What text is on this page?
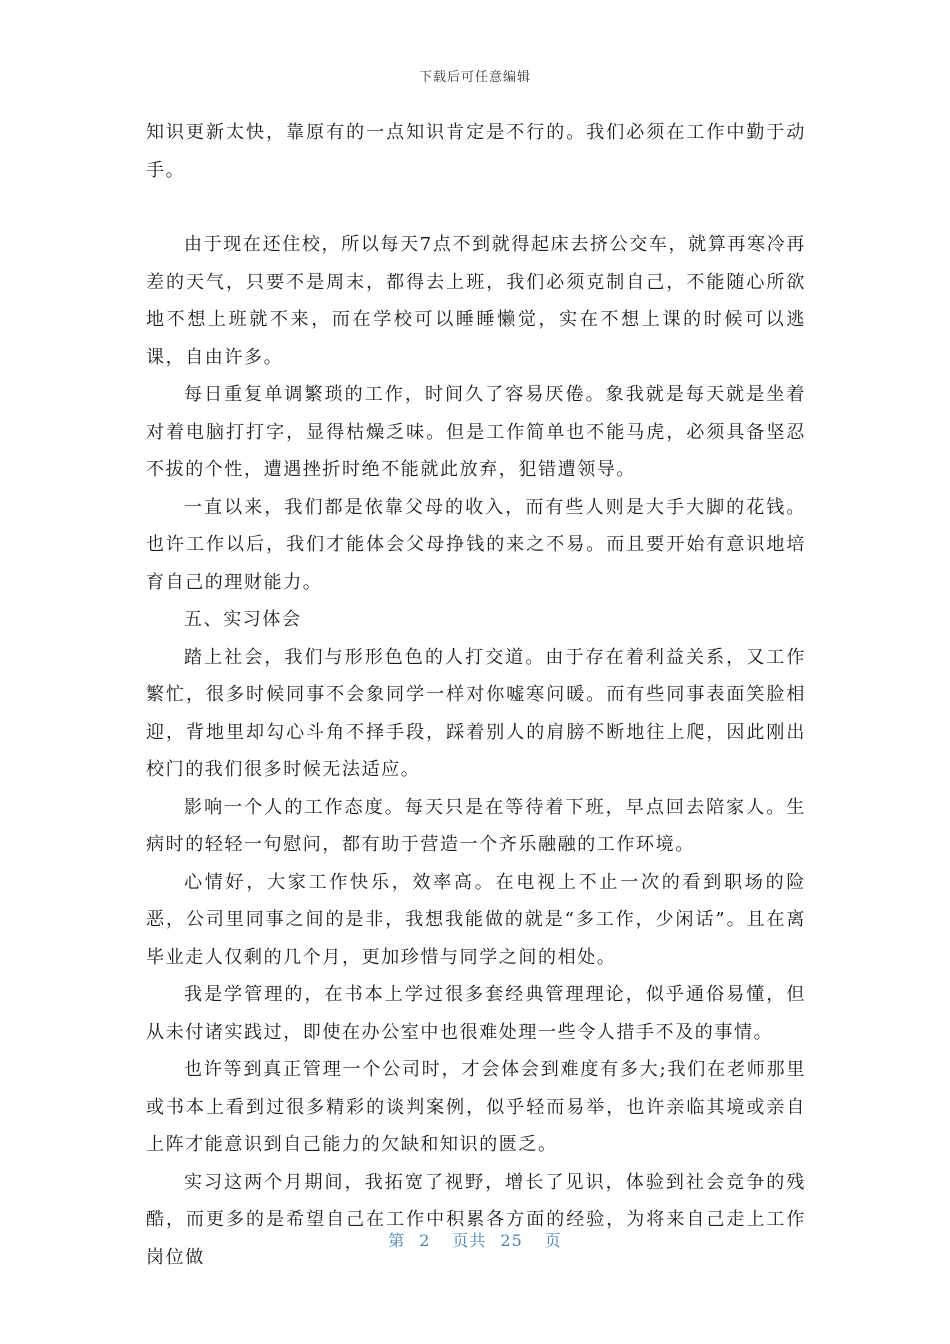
下载后可任意编辑

知识更新太快，靠原有的一点知识肯定是不行的。我们必须在工作中勤于动手。

由于现在还住校，所以每天7点不到就得起床去挤公交车，就算再寒冷再差的天气，只要不是周末，都得去上班，我们必须克制自己，不能随心所欲地不想上班就不来，而在学校可以睡睡懒觉，实在不想上课的时候可以逃课，自由许多。

每日重复单调繁琐的工作，时间久了容易厌倦。象我就是每天就是坐着对着电脑打打字，显得枯燥乏味。但是工作简单也不能马虎，必须具备坚忍不拔的个性，遭遇挫折时绝不能就此放弃，犯错遭领导。

一直以来，我们都是依靠父母的收入，而有些人则是大手大脚的花钱。也许工作以后，我们才能体会父母挣钱的来之不易。而且要开始有意识地培育自己的理财能力。

五、实习体会

踏上社会，我们与形形色色的人打交道。由于存在着利益关系，又工作繁忙，很多时候同事不会象同学一样对你嘘寒问暖。而有些同事表面笑脸相迎，背地里却勾心斗角不择手段，踩着别人的肩膀不断地往上爬，因此刚出校门的我们很多时候无法适应。

影响一个人的工作态度。每天只是在等待着下班，早点回去陪家人。生病时的轻轻一句慰问，都有助于营造一个齐乐融融的工作环境。

心情好，大家工作快乐，效率高。在电视上不止一次的看到职场的险恶，公司里同事之间的是非，我想我能做的就是“多工作，少闲话”。且在离毕业走人仅剩的几个月，更加珍惜与同学之间的相处。

我是学管理的，在书本上学过很多套经典管理理论，似乎通俗易懂，但从未付诸实践过，即使在办公室中也很难处理一些令人措手不及的事情。

也许等到真正管理一个公司时，才会体会到难度有多大;我们在老师那里或书本上看到过很多精彩的谈判案例，似乎轻而易举，也许亲临其境或亲自上阵才能意识到自己能力的欠缺和知识的匮乏。

实习这两个月期间，我拓宽了视野，增长了见识，体验到社会竞争的残酷，而更多的是希望自己在工作中积累各方面的经验，为将来自己走上工作岗位做

第 2 页共 25 页
